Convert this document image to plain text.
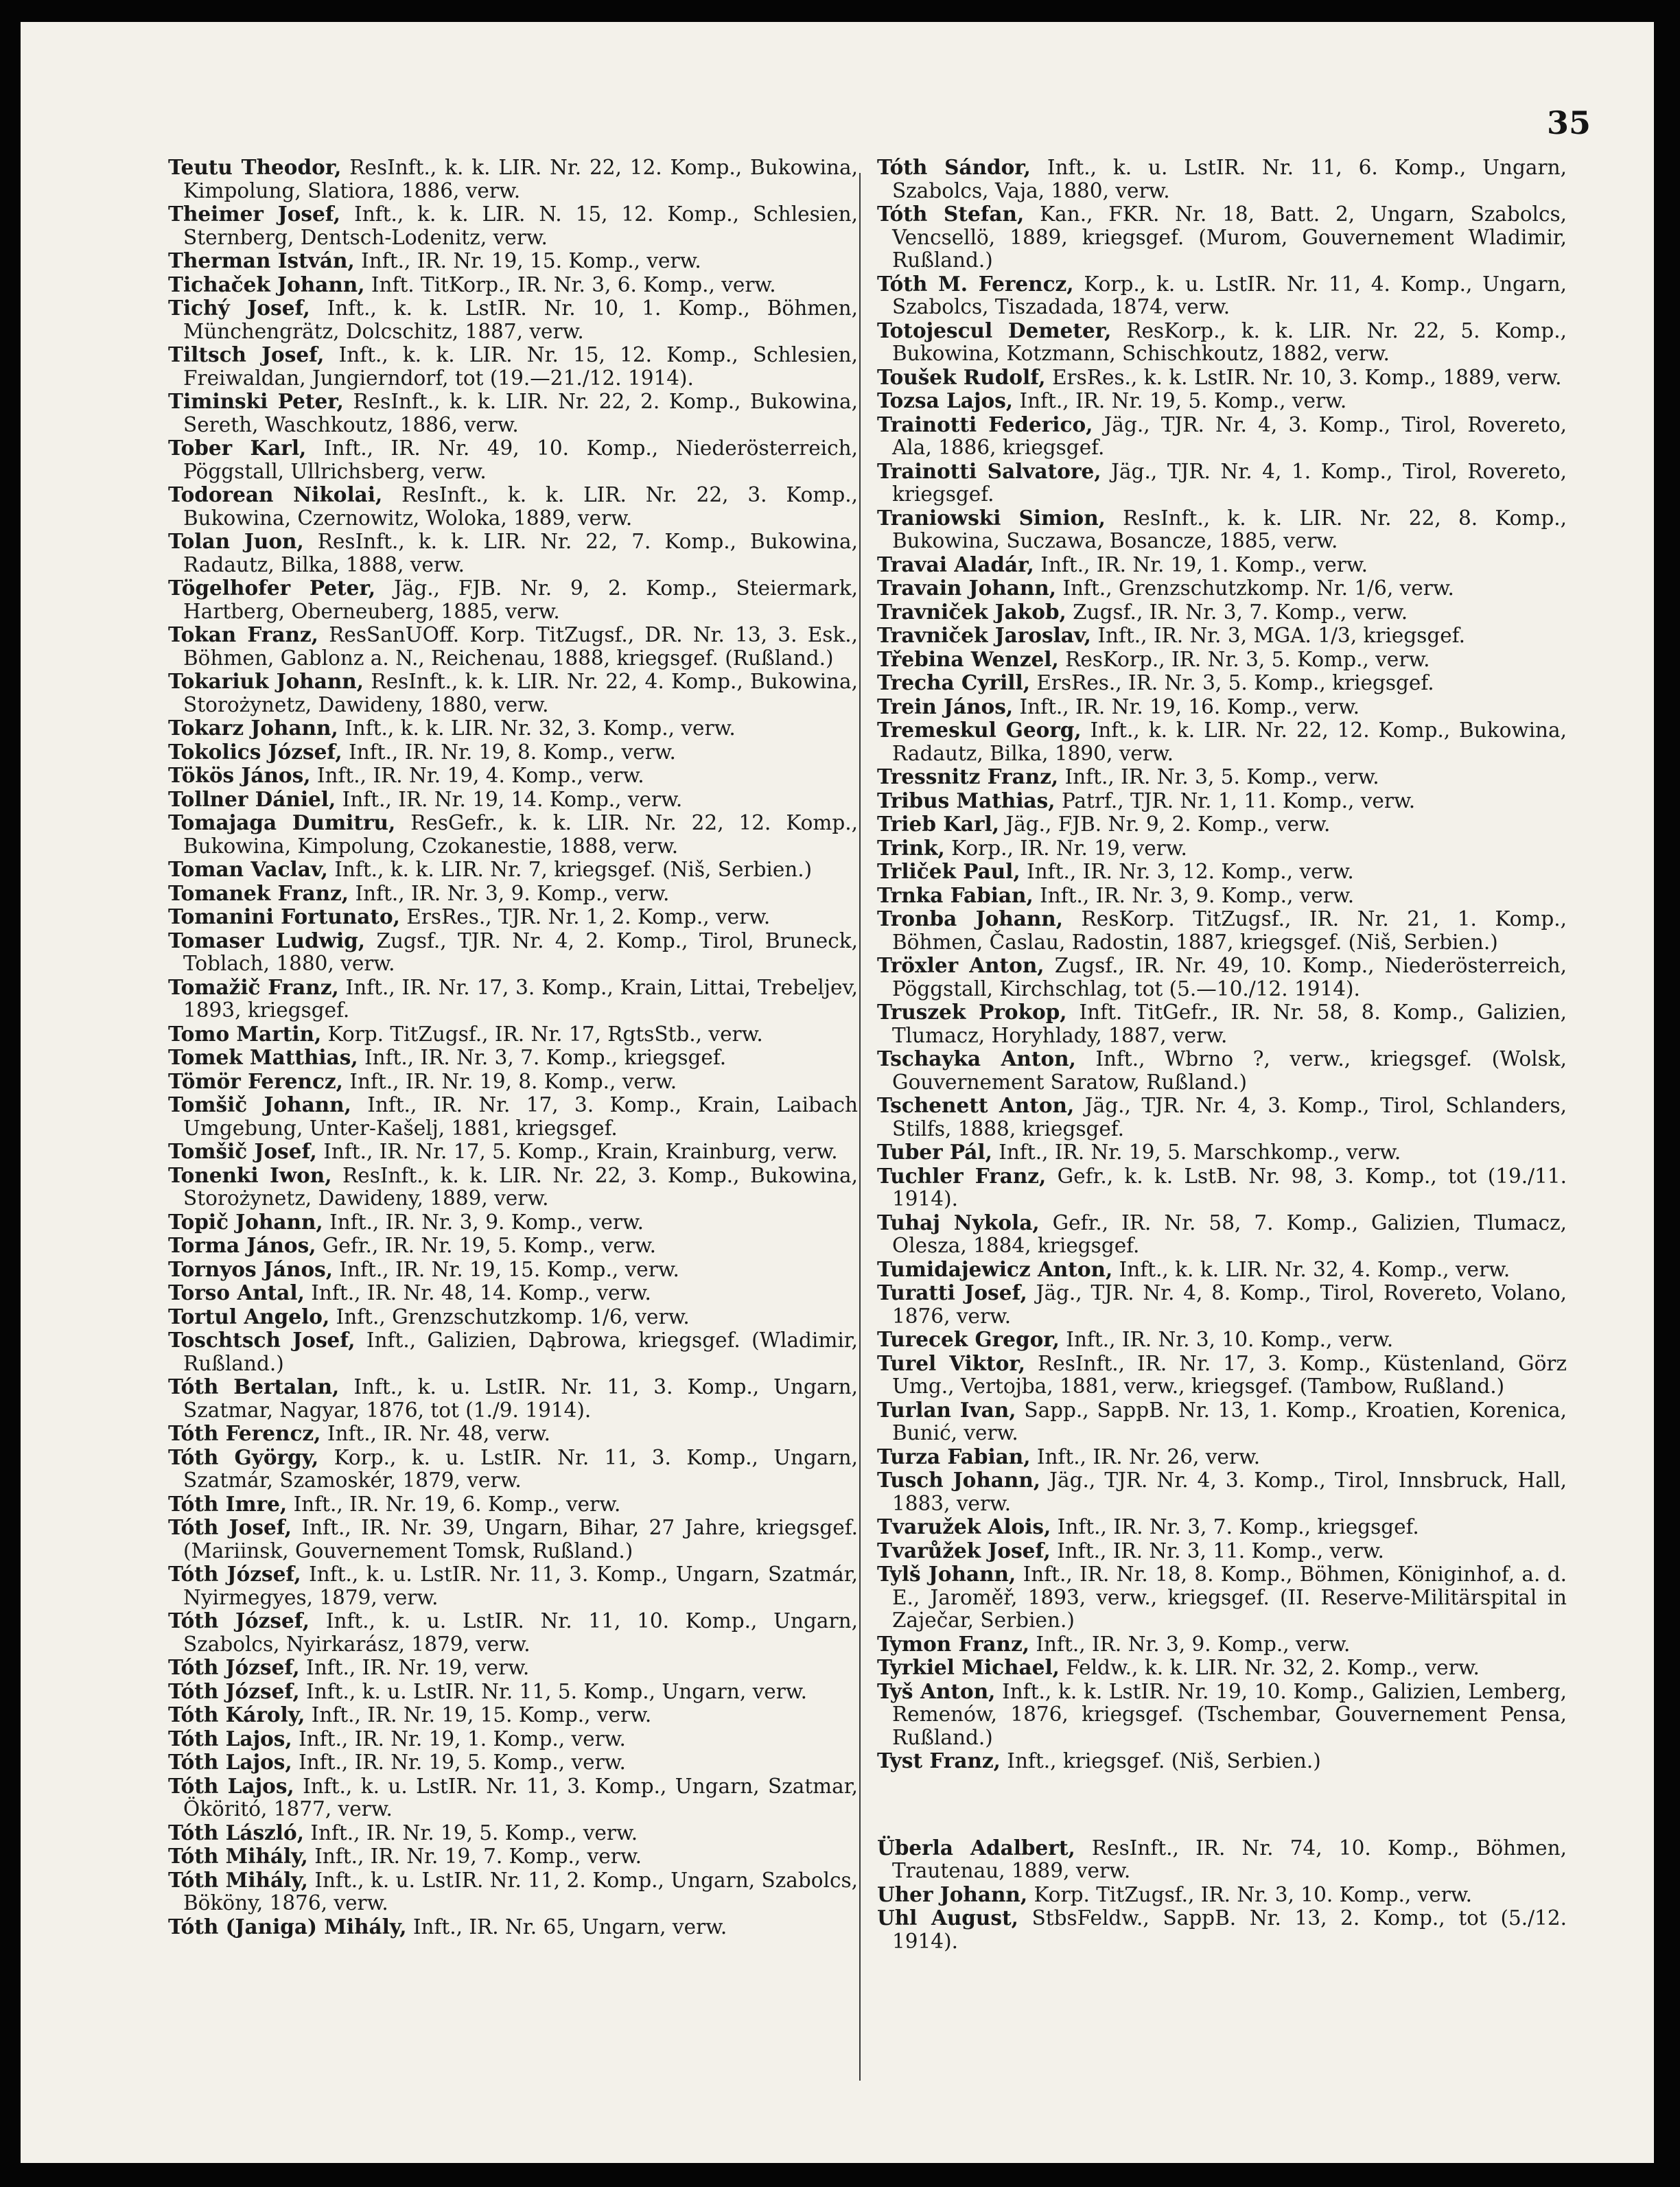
35

Teutu Theodor, ResInft., k. k. LIR. Nr. 22, 12. Komp., Bukowina, Kimpolung, Slatiora, 1886, verw.

Theimer Josef, Inft., k. k. LIR. N. 15, 12. Komp., Schlesien, Sternberg, Dentsch-Lodenitz, verw.

Therman István, Inft., IR. Nr. 19, 15. Komp., verw.

Tichaček Johann, Inft. TitKorp., IR. Nr. 3, 6. Komp., verw.

Tichý Josef, Inft., k. k. LstIR. Nr. 10, 1. Komp., Böhmen, Münchengrätz, Dolcschitz, 1887, verw.

Tiltsch Josef, Inft., k. k. LIR. Nr. 15, 12. Komp., Schlesien, Freiwaldan, Jungierndorf, tot (19.—21./12. 1914).

Timinski Peter, ResInft., k. k. LIR. Nr. 22, 2. Komp., Bukowina, Sereth, Waschkoutz, 1886, verw.

Tober Karl, Inft., IR. Nr. 49, 10. Komp., Niederösterreich, Pöggstall, Ullrichsberg, verw.

Todorean Nikolai, ResInft., k. k. LIR. Nr. 22, 3. Komp., Bukowina, Czernowitz, Woloka, 1889, verw.

Tolan Juon, ResInft., k. k. LIR. Nr. 22, 7. Komp., Bukowina, Radautz, Bilka, 1888, verw.

Tögelhofer Peter, Jäg., FJB. Nr. 9, 2. Komp., Steiermark, Hartberg, Oberneuberg, 1885, verw.

Tokan Franz, ResSanUOff. Korp. TitZugsf., DR. Nr. 13, 3. Esk., Böhmen, Gablonz a. N., Reichenau, 1888, kriegsgef. (Rußland.)

Tokariuk Johann, ResInft., k. k. LIR. Nr. 22, 4. Komp., Bukowina, Storożynetz, Dawideny, 1880, verw.

Tokarz Johann, Inft., k. k. LIR. Nr. 32, 3. Komp., verw.

Tokolics József, Inft., IR. Nr. 19, 8. Komp., verw.

Tökös János, Inft., IR. Nr. 19, 4. Komp., verw.

Tollner Dániel, Inft., IR. Nr. 19, 14. Komp., verw.

Tomajaga Dumitru, ResGefr., k. k. LIR. Nr. 22, 12. Komp., Bukowina, Kimpolung, Czokanestie, 1888, verw.

Toman Vaclav, Inft., k. k. LIR. Nr. 7, kriegsgef. (Niš, Serbien.)

Tomanek Franz, Inft., IR. Nr. 3, 9. Komp., verw.

Tomanini Fortunato, ErsRes., TJR. Nr. 1, 2. Komp., verw.

Tomaser Ludwig, Zugsf., TJR. Nr. 4, 2. Komp., Tirol, Bruneck, Toblach, 1880, verw.

Tomažič Franz, Inft., IR. Nr. 17, 3. Komp., Krain, Littai, Trebeljev, 1893, kriegsgef.

Tomo Martin, Korp. TitZugsf., IR. Nr. 17, RgtsStb., verw.

Tomek Matthias, Inft., IR. Nr. 3, 7. Komp., kriegsgef.

Tömör Ferencz, Inft., IR. Nr. 19, 8. Komp., verw.

Tomšič Johann, Inft., IR. Nr. 17, 3. Komp., Krain, Laibach Umgebung, Unter-Kašelj, 1881, kriegsgef.

Tomšič Josef, Inft., IR. Nr. 17, 5. Komp., Krain, Krainburg, verw.

Tonenki Iwon, ResInft., k. k. LIR. Nr. 22, 3. Komp., Bukowina, Storożynetz, Dawideny, 1889, verw.

Topič Johann, Inft., IR. Nr. 3, 9. Komp., verw.

Torma János, Gefr., IR. Nr. 19, 5. Komp., verw.

Tornyos János, Inft., IR. Nr. 19, 15. Komp., verw.

Torso Antal, Inft., IR. Nr. 48, 14. Komp., verw.

Tortul Angelo, Inft., Grenzschutzkomp. 1/6, verw.

Toschtsch Josef, Inft., Galizien, Dąbrowa, kriegsgef. (Wladimir, Rußland.)

Tóth Bertalan, Inft., k. u. LstIR. Nr. 11, 3. Komp., Ungarn, Szatmar, Nagyar, 1876, tot (1./9. 1914).

Tóth Ferencz, Inft., IR. Nr. 48, verw.

Tóth György, Korp., k. u. LstIR. Nr. 11, 3. Komp., Ungarn, Szatmár, Szamoskér, 1879, verw.

Tóth Imre, Inft., IR. Nr. 19, 6. Komp., verw.

Tóth Josef, Inft., IR. Nr. 39, Ungarn, Bihar, 27 Jahre, kriegsgef. (Mariinsk, Gouvernement Tomsk, Rußland.)

Tóth József, Inft., k. u. LstIR. Nr. 11, 3. Komp., Ungarn, Szatmár, Nyirmegyes, 1879, verw.

Tóth József, Inft., k. u. LstIR. Nr. 11, 10. Komp., Ungarn, Szabolcs, Nyirkarász, 1879, verw.

Tóth József, Inft., IR. Nr. 19, verw.

Tóth József, Inft., k. u. LstIR. Nr. 11, 5. Komp., Ungarn, verw.

Tóth Károly, Inft., IR. Nr. 19, 15. Komp., verw.

Tóth Lajos, Inft., IR. Nr. 19, 1. Komp., verw.

Tóth Lajos, Inft., IR. Nr. 19, 5. Komp., verw.

Tóth Lajos, Inft., k. u. LstIR. Nr. 11, 3. Komp., Ungarn, Szatmar, Ököritó, 1877, verw.

Tóth László, Inft., IR. Nr. 19, 5. Komp., verw.

Tóth Mihály, Inft., IR. Nr. 19, 7. Komp., verw.

Tóth Mihály, Inft., k. u. LstIR. Nr. 11, 2. Komp., Ungarn, Szabolcs, Bököny, 1876, verw.

Tóth (Janiga) Mihály, Inft., IR. Nr. 65, Ungarn, verw.

Tóth Sándor, Inft., k. u. LstIR. Nr. 11, 6. Komp., Ungarn, Szabolcs, Vaja, 1880, verw.

Tóth Stefan, Kan., FKR. Nr. 18, Batt. 2, Ungarn, Szabolcs, Vencsellö, 1889, kriegsgef. (Murom, Gouvernement Wladimir, Rußland.)

Tóth M. Ferencz, Korp., k. u. LstIR. Nr. 11, 4. Komp., Ungarn, Szabolcs, Tiszadada, 1874, verw.

Totojescul Demeter, ResKorp., k. k. LIR. Nr. 22, 5. Komp., Bukowina, Kotzmann, Schischkoutz, 1882, verw.

Toušek Rudolf, ErsRes., k. k. LstIR. Nr. 10, 3. Komp., 1889, verw.

Tozsa Lajos, Inft., IR. Nr. 19, 5. Komp., verw.

Trainotti Federico, Jäg., TJR. Nr. 4, 3. Komp., Tirol, Rovereto, Ala, 1886, kriegsgef.

Trainotti Salvatore, Jäg., TJR. Nr. 4, 1. Komp., Tirol, Rovereto, kriegsgef.

Traniowski Simion, ResInft., k. k. LIR. Nr. 22, 8. Komp., Bukowina, Suczawa, Bosancze, 1885, verw.

Travai Aladár, Inft., IR. Nr. 19, 1. Komp., verw.

Travain Johann, Inft., Grenzschutzkomp. Nr. 1/6, verw.

Travniček Jakob, Zugsf., IR. Nr. 3, 7. Komp., verw.

Travniček Jaroslav, Inft., IR. Nr. 3, MGA. 1/3, kriegsgef.

Třebina Wenzel, ResKorp., IR. Nr. 3, 5. Komp., verw.

Trecha Cyrill, ErsRes., IR. Nr. 3, 5. Komp., kriegsgef.

Trein János, Inft., IR. Nr. 19, 16. Komp., verw.

Tremeskul Georg, Inft., k. k. LIR. Nr. 22, 12. Komp., Bukowina, Radautz, Bilka, 1890, verw.

Tressnitz Franz, Inft., IR. Nr. 3, 5. Komp., verw.

Tribus Mathias, Patrf., TJR. Nr. 1, 11. Komp., verw.

Trieb Karl, Jäg., FJB. Nr. 9, 2. Komp., verw.

Trink, Korp., IR. Nr. 19, verw.

Trliček Paul, Inft., IR. Nr. 3, 12. Komp., verw.

Trnka Fabian, Inft., IR. Nr. 3, 9. Komp., verw.

Tronba Johann, ResKorp. TitZugsf., IR. Nr. 21, 1. Komp., Böhmen, Časlau, Radostin, 1887, kriegsgef. (Niš, Serbien.)

Tröxler Anton, Zugsf., IR. Nr. 49, 10. Komp., Niederösterreich, Pöggstall, Kirchschlag, tot (5.—10./12. 1914).

Truszek Prokop, Inft. TitGefr., IR. Nr. 58, 8. Komp., Galizien, Tlumacz, Horyhlady, 1887, verw.

Tschayka Anton, Inft., Wbrno ?, verw., kriegsgef. (Wolsk, Gouvernement Saratow, Rußland.)

Tschenett Anton, Jäg., TJR. Nr. 4, 3. Komp., Tirol, Schlanders, Stilfs, 1888, kriegsgef.

Tuber Pál, Inft., IR. Nr. 19, 5. Marschkomp., verw.

Tuchler Franz, Gefr., k. k. LstB. Nr. 98, 3. Komp., tot (19./11. 1914).

Tuhaj Nykola, Gefr., IR. Nr. 58, 7. Komp., Galizien, Tlumacz, Olesza, 1884, kriegsgef.

Tumidajewicz Anton, Inft., k. k. LIR. Nr. 32, 4. Komp., verw.

Turatti Josef, Jäg., TJR. Nr. 4, 8. Komp., Tirol, Rovereto, Volano, 1876, verw.

Turecek Gregor, Inft., IR. Nr. 3, 10. Komp., verw.

Turel Viktor, ResInft., IR. Nr. 17, 3. Komp., Küstenland, Görz Umg., Vertojba, 1881, verw., kriegsgef. (Tambow, Rußland.)

Turlan Ivan, Sapp., SappB. Nr. 13, 1. Komp., Kroatien, Korenica, Bunić, verw.

Turza Fabian, Inft., IR. Nr. 26, verw.

Tusch Johann, Jäg., TJR. Nr. 4, 3. Komp., Tirol, Innsbruck, Hall, 1883, verw.

Tvaružek Alois, Inft., IR. Nr. 3, 7. Komp., kriegsgef.

Tvarůžek Josef, Inft., IR. Nr. 3, 11. Komp., verw.

Tylš Johann, Inft., IR. Nr. 18, 8. Komp., Böhmen, Königinhof, a. d. E., Jaroměř, 1893, verw., kriegsgef. (II. Reserve-Militärspital in Zaječar, Serbien.)

Tymon Franz, Inft., IR. Nr. 3, 9. Komp., verw.

Tyrkiel Michael, Feldw., k. k. LIR. Nr. 32, 2. Komp., verw.

Tyš Anton, Inft., k. k. LstIR. Nr. 19, 10. Komp., Galizien, Lemberg, Remenów, 1876, kriegsgef. (Tschembar, Gouvernement Pensa, Rußland.)

Tyst Franz, Inft., kriegsgef. (Niš, Serbien.)

Überla Adalbert, ResInft., IR. Nr. 74, 10. Komp., Böhmen, Trautenau, 1889, verw.

Uher Johann, Korp. TitZugsf., IR. Nr. 3, 10. Komp., verw.

Uhl August, StbsFeldw., SappB. Nr. 13, 2. Komp., tot (5./12. 1914).
